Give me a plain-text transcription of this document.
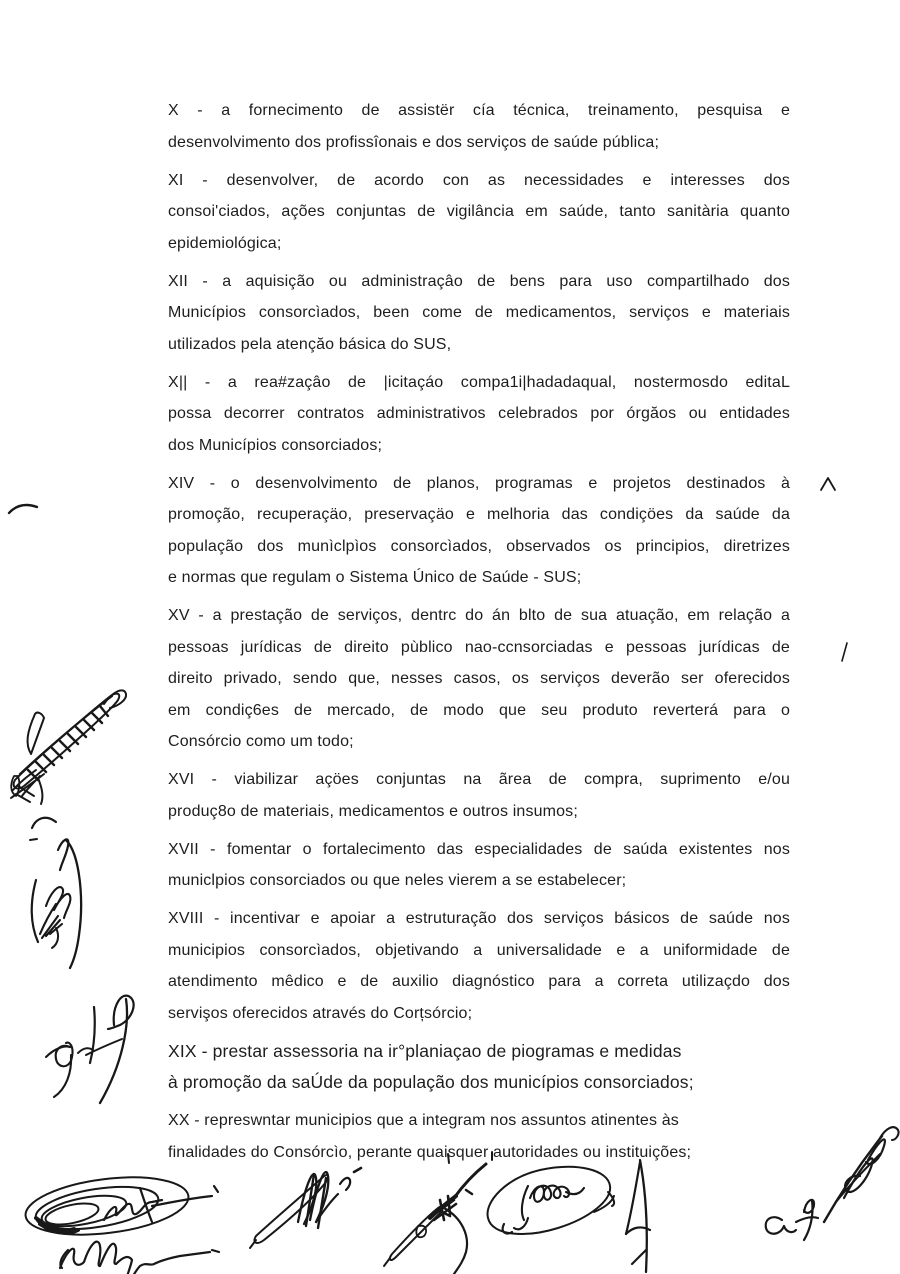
X - a fornecimento de assistër cía técnica, treinamento, pesquisa e
desenvolvimento dos profissîonais e dos serviços de saúde pública;
XI - desenvolver, de acordo con as necessidades e interesses dos
consoi'ciados, ações conjuntas de vigilância em saúde, tanto sanitària quanto
epidemiológica;
XII - a aquisição ou administraçâo de bens para uso compartilhado dos
Municípios consorcìados, been come de medicamentos, serviços e materiais
utilizados pela atençăo básica do SUS,
X|| - a rea#zaçâo de |icitaçáo compa1i|hadadaqual, nostermosdo editaL
possa decorrer contratos administrativos celebrados por órgăos ou entidades
dos Municípios consorciados;
XIV - o desenvolvimento de planos, programas e projetos destinados à
promoção, recuperaçäo, preservaçäo e melhoria das condiçöes da saúde da
população dos munìclpìos consorcìados, observados os principios, diretrizes
e normas que regulam o Sistema Único de Saúde - SUS;
XV - a prestação de serviços, dentrc do án blto de sua atuação, em relação a
pessoas jurídicas de direito pùblico nao-ccnsorciadas e pessoas jurídicas de
direito privado, sendo que, nesses casos, os serviços deverão ser oferecidos
em condiç6es de mercado, de modo que seu produto reverterá para o
Consórcio como um todo;
XVI - viabilizar açöes conjuntas na ãrea de compra, suprimento e/ou
produç8o de materiais, medicamentos e outros insumos;
XVII - fomentar o fortalecimento das especialidades de saúda existentes nos
municlpios consorciados ou que neles vierem a se estabelecer;
XVIII - incentivar e apoiar a estruturação dos serviços básicos de saúde nos
municipios consorcìados, objetivando a universalidade e a uniformidade de
atendimento mêdico e de auxilio diagnóstico para a correta utilizaçdo dos
servişos oferecidos através do Corțsórcio;
XIX - prestar assessoria na ir°planiaçao de piogramas e medidas
à promoção da saÚde da população dos municípios consorciados;
XX - represwntar municipios que a integram nos assuntos atinentes às
finalidades do Consórcìo, perante quaisquer autoridades ou instituições;
